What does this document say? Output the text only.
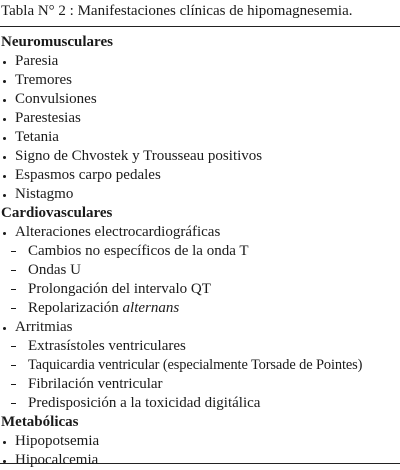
Tabla N° 2 : Manifestaciones clínicas de hipomagnesemia.
Neuromusculares
Paresia
Tremores
Convulsiones
Parestesias
Tetania
Signo de Chvostek y Trousseau positivos
Espasmos carpo pedales
Nistagmo
Cardiovasculares
Alteraciones electrocardiográficas
Cambios no específicos de la onda T
Ondas U
Prolongación del intervalo QT
Repolarización alternans
Arritmias
Extrasístoles ventriculares
Taquicardia ventricular (especialmente Torsade de Pointes)
Fibrilación ventricular
Predisposición a la toxicidad digitálica
Metabólicas
Hipopotsemia
Hipocalcemia
